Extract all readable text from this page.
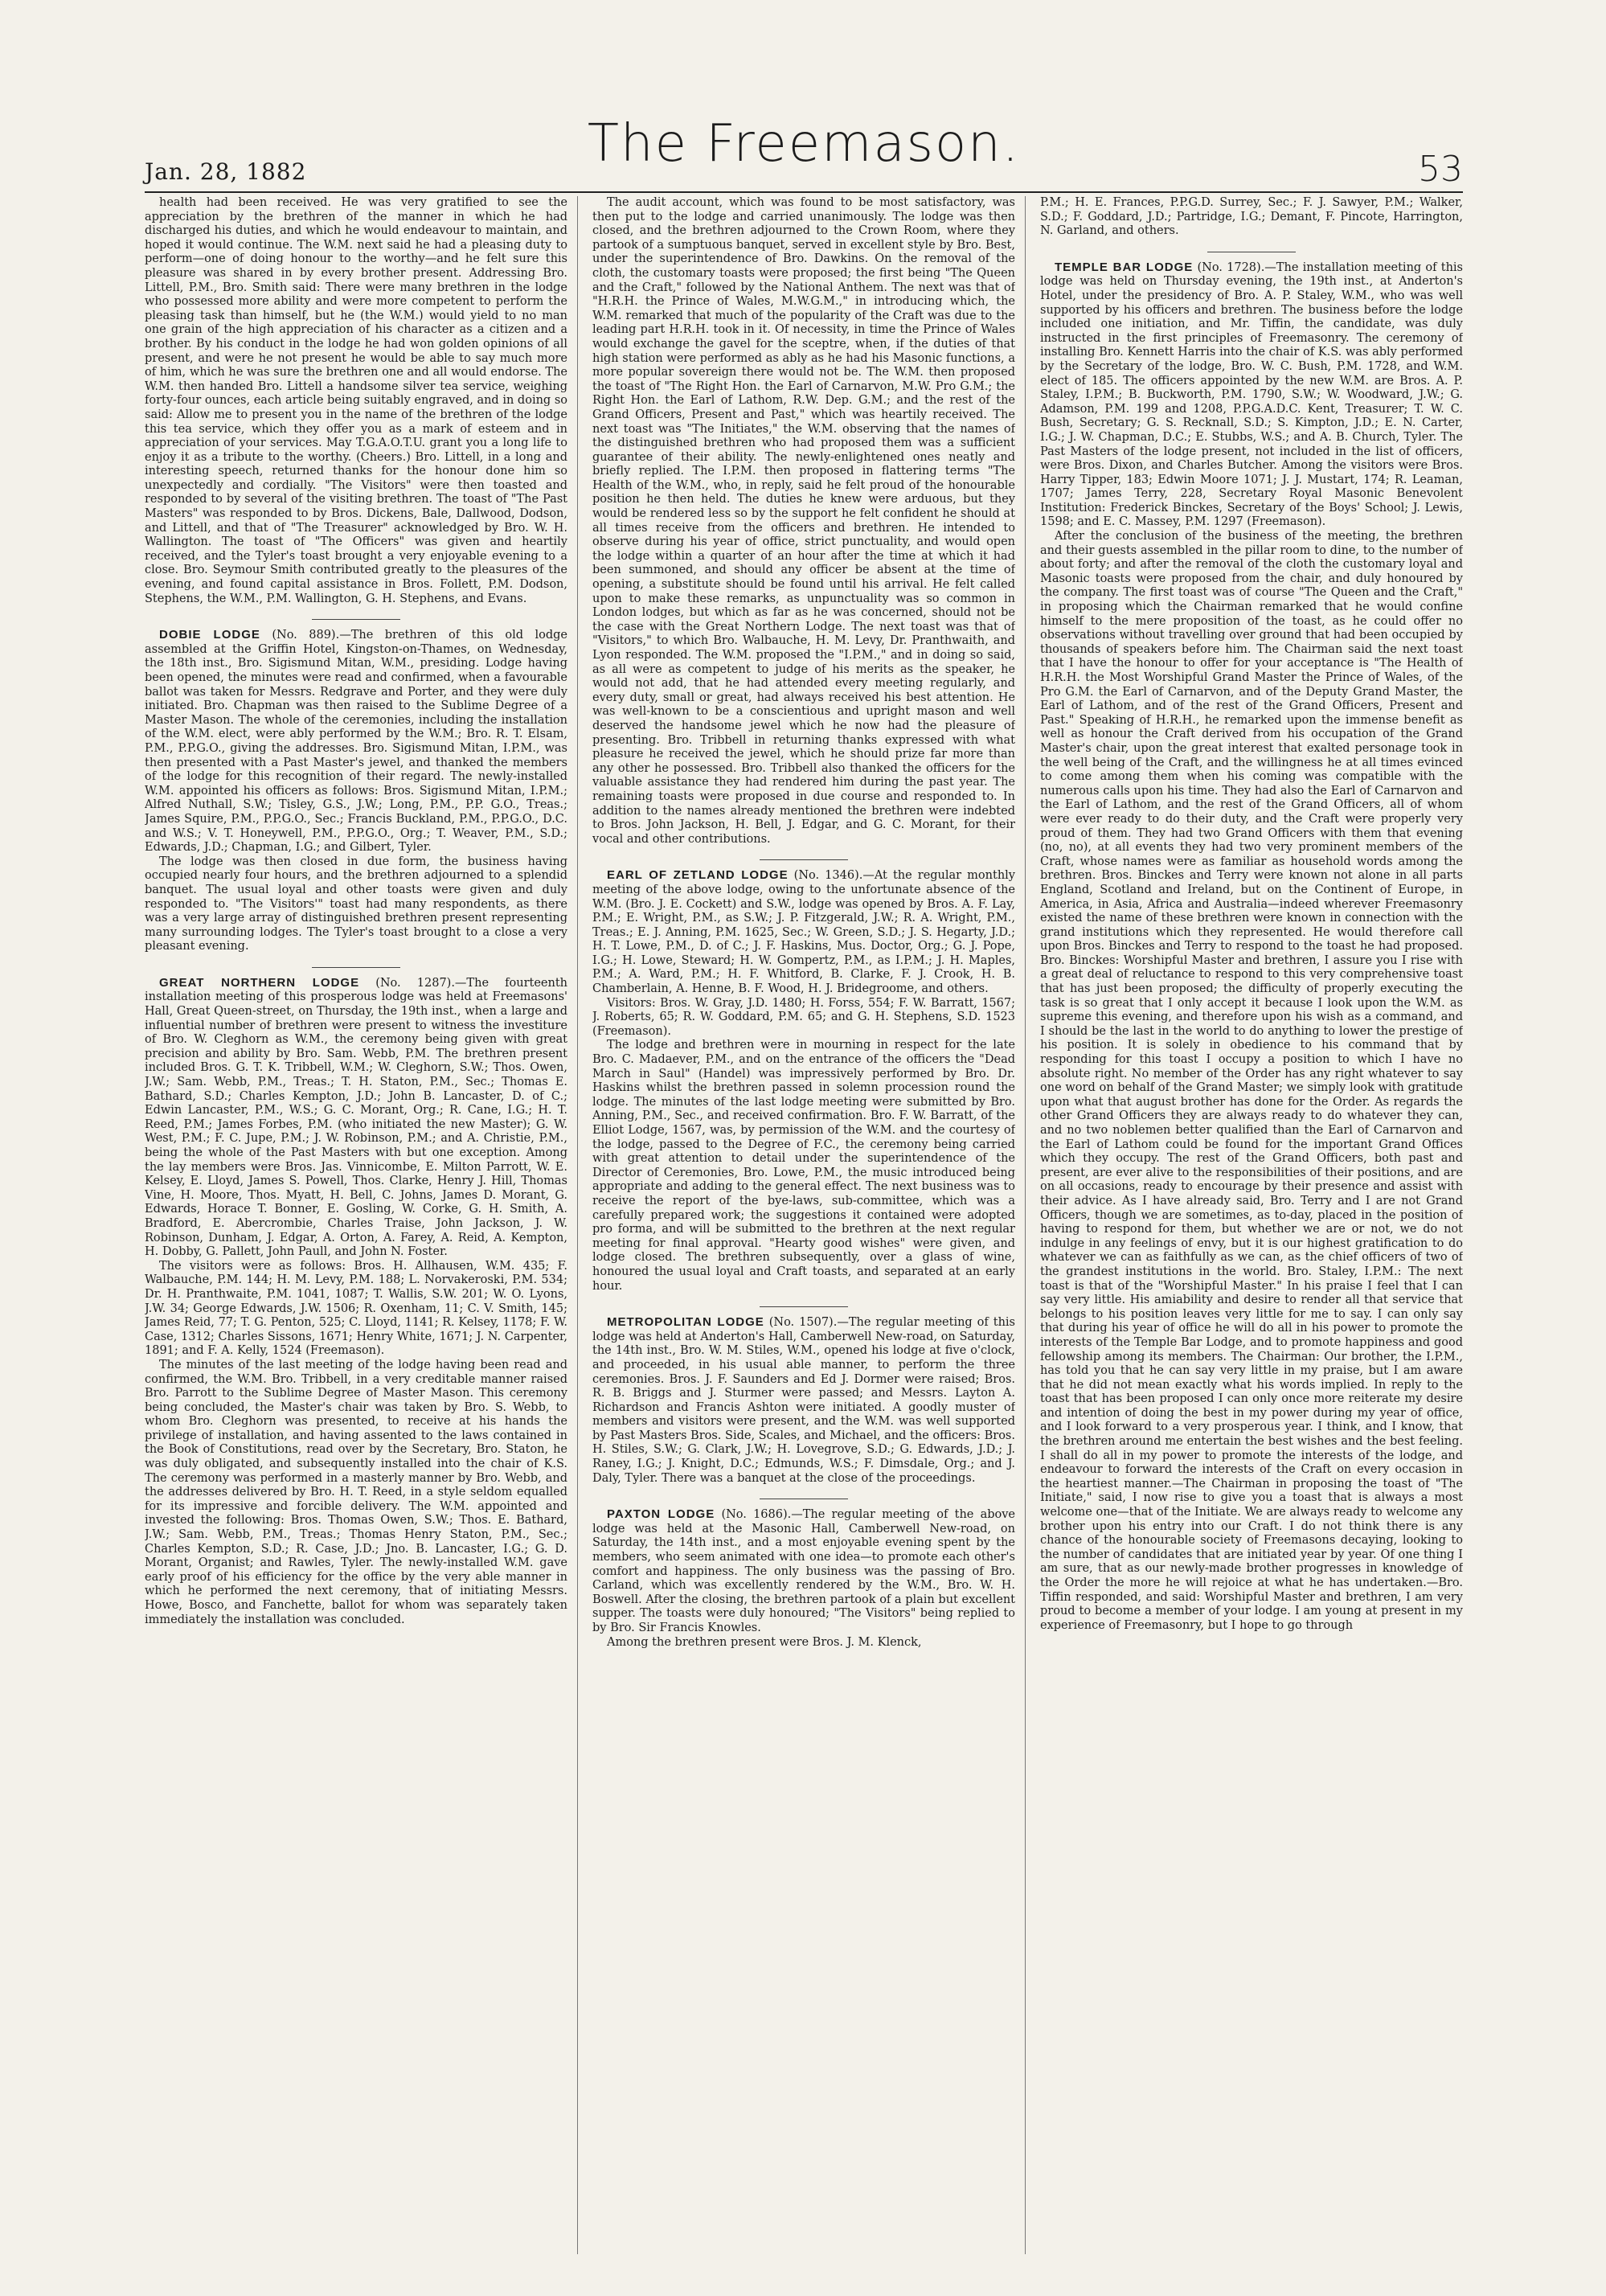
Jan. 28, 1882	The Freemason.	53

health had been received. He was very gratified to see the appreciation by the brethren of the manner in which he had discharged his duties, and which he would endeavour to maintain, and hoped it would continue. The W.M. next said he had a pleasing duty to perform—one of doing honour to the worthy—and he felt sure this pleasure was shared in by every brother present. Addressing Bro. Littell, P.M., Bro. Smith said: There were many brethren in the lodge who possessed more ability and were more competent to perform the pleasing task than himself, but he (the W.M.) would yield to no man one grain of the high appreciation of his character as a citizen and a brother. By his conduct in the lodge he had won golden opinions of all present, and were he not present he would be able to say much more of him, which he was sure the brethren one and all would endorse. The W.M. then handed Bro. Littell a handsome silver tea service, weighing forty-four ounces, each article being suitably engraved, and in doing so said: Allow me to present you in the name of the brethren of the lodge this tea service, which they offer you as a mark of esteem and in appreciation of your services. May T.G.A.O.T.U. grant you a long life to enjoy it as a tribute to the worthy. (Cheers.) Bro. Littell, in a long and interesting speech, returned thanks for the honour done him so unexpectedly and cordially. "The Visitors" were then toasted and responded to by several of the visiting brethren. The toast of "The Past Masters" was responded to by Bros. Dickens, Bale, Dallwood, Dodson, and Littell, and that of "The Treasurer" acknowledged by Bro. W. H. Wallington. The toast of "The Officers" was given and heartily received, and the Tyler's toast brought a very enjoyable evening to a close. Bro. Seymour Smith contributed greatly to the pleasures of the evening, and found capital assistance in Bros. Follett, P.M. Dodson, Stephens, the W.M., P.M. Wallington, G. H. Stephens, and Evans.

DOBIE LODGE (No. 889).—The brethren of this old lodge assembled at the Griffin Hotel, Kingston-on-Thames, on Wednesday, the 18th inst., Bro. Sigismund Mitan, W.M., presiding. Lodge having been opened, the minutes were read and confirmed, when a favourable ballot was taken for Messrs. Redgrave and Porter, and they were duly initiated. Bro. Chapman was then raised to the Sublime Degree of a Master Mason. The whole of the ceremonies, including the installation of the W.M. elect, were ably performed by the W.M.; Bro. R. T. Elsam, P.M., P.P.G.O., giving the addresses. Bro. Sigismund Mitan, I.P.M., was then presented with a Past Master's jewel, and thanked the members of the lodge for this recognition of their regard. The newly-installed W.M. appointed his officers as follows: Bros. Sigismund Mitan, I.P.M.; Alfred Nuthall, S.W.; Tisley, G.S., J.W.; Long, P.M., P.P. G.O., Treas.; James Squire, P.M., P.P.G.O., Sec.; Francis Buckland, P.M., P.P.G.O., D.C. and W.S.; V. T. Honeywell, P.M., P.P.G.O., Org.; T. Weaver, P.M., S.D.; Edwards, J.D.; Chapman, I.G.; and Gilbert, Tyler.

The lodge was then closed in due form, the business having occupied nearly four hours, and the brethren adjourned to a splendid banquet. The usual loyal and other toasts were given and duly responded to. "The Visitors'" toast had many respondents, as there was a very large array of distinguished brethren present representing many surrounding lodges. The Tyler's toast brought to a close a very pleasant evening.

GREAT NORTHERN LODGE (No. 1287).—The fourteenth installation meeting of this prosperous lodge was held at Freemasons' Hall, Great Queen-street, on Thursday, the 19th inst., when a large and influential number of brethren were present to witness the investiture of Bro. W. Cleghorn as W.M., the ceremony being given with great precision and ability by Bro. Sam. Webb, P.M. The brethren present included Bros. G. T. K. Tribbell, W.M.; W. Cleghorn, S.W.; Thos. Owen, J.W.; Sam. Webb, P.M., Treas.; T. H. Staton, P.M., Sec.; Thomas E. Bathard, S.D.; Charles Kempton, J.D.; John B. Lancaster, D. of C.; Edwin Lancaster, P.M., W.S.; G. C. Morant, Org.; R. Cane, I.G.; H. T. Reed, P.M.; James Forbes, P.M. (who initiated the new Master); G. W. West, P.M.; F. C. Jupe, P.M.; J. W. Robinson, P.M.; and A. Christie, P.M., being the whole of the Past Masters with but one exception. Among the lay members were Bros. Jas. Vinnicombe, E. Milton Parrott, W. E. Kelsey, E. Lloyd, James S. Powell, Thos. Clarke, Henry J. Hill, Thomas Vine, H. Moore, Thos. Myatt, H. Bell, C. Johns, James D. Morant, G. Edwards, Horace T. Bonner, E. Gosling, W. Corke, G. H. Smith, A. Bradford, E. Abercrombie, Charles Traise, John Jackson, J. W. Robinson, Dunham, J. Edgar, A. Orton, A. Farey, A. Reid, A. Kempton, H. Dobby, G. Pallett, John Paull, and John N. Foster.

The visitors were as follows: Bros. H. Allhausen, W.M. 435; F. Walbauche, P.M. 144; H. M. Levy, P.M. 188; L. Norvakeroski, P.M. 534; Dr. H. Pranthwaite, P.M. 1041, 1087; T. Wallis, S.W. 201; W. O. Lyons, J.W. 34; George Edwards, J.W. 1506; R. Oxenham, 11; C. V. Smith, 145; James Reid, 77; T. G. Penton, 525; C. Lloyd, 1141; R. Kelsey, 1178; F. W. Case, 1312; Charles Sissons, 1671; Henry White, 1671; J. N. Carpenter, 1891; and F. A. Kelly, 1524 (Freemason).

The minutes of the last meeting of the lodge having been read and confirmed, the W.M. Bro. Tribbell, in a very creditable manner raised Bro. Parrott to the Sublime Degree of Master Mason. This ceremony being concluded, the Master's chair was taken by Bro. S. Webb, to whom Bro. Cleghorn was presented, to receive at his hands the privilege of installation, and having assented to the laws contained in the Book of Constitutions, read over by the Secretary, Bro. Staton, he was duly obligated, and subsequently installed into the chair of K.S. The ceremony was performed in a masterly manner by Bro. Webb, and the addresses delivered by Bro. H. T. Reed, in a style seldom equalled for its impressive and forcible delivery. The W.M. appointed and invested the following: Bros. Thomas Owen, S.W.; Thos. E. Bathard, J.W.; Sam. Webb, P.M., Treas.; Thomas Henry Staton, P.M., Sec.; Charles Kempton, S.D.; R. Case, J.D.; Jno. B. Lancaster, I.G.; G. D. Morant, Organist; and Rawles, Tyler. The newly-installed W.M. gave early proof of his efficiency for the office by the very able manner in which he performed the next ceremony, that of initiating Messrs. Howe, Bosco, and Fanchette, ballot for whom was separately taken immediately the installation was concluded.

The audit account, which was found to be most satisfactory, was then put to the lodge and carried unanimously. The lodge was then closed, and the brethren adjourned to the Crown Room, where they partook of a sumptuous banquet, served in excellent style by Bro. Best, under the superintendence of Bro. Dawkins. On the removal of the cloth, the customary toasts were proposed; the first being "The Queen and the Craft," followed by the National Anthem. The next was that of "H.R.H. the Prince of Wales, M.W.G.M.," in introducing which, the W.M. remarked that much of the popularity of the Craft was due to the leading part H.R.H. took in it. Of necessity, in time the Prince of Wales would exchange the gavel for the sceptre, when, if the duties of that high station were performed as ably as he had his Masonic functions, a more popular sovereign there would not be. The W.M. then proposed the toast of "The Right Hon. the Earl of Carnarvon, M.W. Pro G.M.; the Right Hon. the Earl of Lathom, R.W. Dep. G.M.; and the rest of the Grand Officers, Present and Past," which was heartily received. The next toast was "The Initiates," the W.M. observing that the names of the distinguished brethren who had proposed them was a sufficient guarantee of their ability. The newly-enlightened ones neatly and briefly replied. The I.P.M. then proposed in flattering terms "The Health of the W.M., who, in reply, said he felt proud of the honourable position he then held. The duties he knew were arduous, but they would be rendered less so by the support he felt confident he should at all times receive from the officers and brethren. He intended to observe during his year of office, strict punctuality, and would open the lodge within a quarter of an hour after the time at which it had been summoned, and should any officer be absent at the time of opening, a substitute should be found until his arrival. He felt called upon to make these remarks, as unpunctuality was so common in London lodges, but which as far as he was concerned, should not be the case with the Great Northern Lodge. The next toast was that of "Visitors," to which Bro. Walbauche, H. M. Levy, Dr. Pranthwaith, and Lyon responded. The W.M. proposed the "I.P.M.," and in doing so said, as all were as competent to judge of his merits as the speaker, he would not add, that he had attended every meeting regularly, and every duty, small or great, had always received his best attention. He was well-known to be a conscientious and upright mason and well deserved the handsome jewel which he now had the pleasure of presenting. Bro. Tribbell in returning thanks expressed with what pleasure he received the jewel, which he should prize far more than any other he possessed. Bro. Tribbell also thanked the officers for the valuable assistance they had rendered him during the past year. The remaining toasts were proposed in due course and responded to. In addition to the names already mentioned the brethren were indebted to Bros. John Jackson, H. Bell, J. Edgar, and G. C. Morant, for their vocal and other contributions.

EARL OF ZETLAND LODGE (No. 1346).—At the regular monthly meeting of the above lodge, owing to the unfortunate absence of the W.M. (Bro. J. E. Cockett) and S.W., lodge was opened by Bros. A. F. Lay, P.M.; E. Wright, P.M., as S.W.; J. P. Fitzgerald, J.W.; R. A. Wright, P.M., Treas.; E. J. Anning, P.M. 1625, Sec.; W. Green, S.D.; J. S. Hegarty, J.D.; H. T. Lowe, P.M., D. of C.; J. F. Haskins, Mus. Doctor, Org.; G. J. Pope, I.G.; H. Lowe, Steward; H. W. Gompertz, P.M., as I.P.M.; J. H. Maples, P.M.; A. Ward, P.M.; H. F. Whitford, B. Clarke, F. J. Crook, H. B. Chamberlain, A. Henne, B. F. Wood, H. J. Bridegroome, and others.

Visitors: Bros. W. Gray, J.D. 1480; H. Forss, 554; F. W. Barratt, 1567; J. Roberts, 65; R. W. Goddard, P.M. 65; and G. H. Stephens, S.D. 1523 (Freemason).

The lodge and brethren were in mourning in respect for the late Bro. C. Madaever, P.M., and on the entrance of the officers the "Dead March in Saul" (Handel) was impressively performed by Bro. Dr. Haskins whilst the brethren passed in solemn procession round the lodge. The minutes of the last lodge meeting were submitted by Bro. Anning, P.M., Sec., and received confirmation. Bro. F. W. Barratt, of the Elliot Lodge, 1567, was, by permission of the W.M. and the courtesy of the lodge, passed to the Degree of F.C., the ceremony being carried with great attention to detail under the superintendence of the Director of Ceremonies, Bro. Lowe, P.M., the music introduced being appropriate and adding to the general effect. The next business was to receive the report of the bye-laws, sub-committee, which was a carefully prepared work; the suggestions it contained were adopted pro forma, and will be submitted to the brethren at the next regular meeting for final approval. "Hearty good wishes" were given, and lodge closed. The brethren subsequently, over a glass of wine, honoured the usual loyal and Craft toasts, and separated at an early hour.

METROPOLITAN LODGE (No. 1507).—The regular meeting of this lodge was held at Anderton's Hall, Camberwell New-road, on Saturday, the 14th inst., Bro. W. M. Stiles, W.M., opened his lodge at five o'clock, and proceeded, in his usual able manner, to perform the three ceremonies. Bros. J. F. Saunders and Ed J. Dormer were raised; Bros. R. B. Briggs and J. Sturmer were passed; and Messrs. Layton A. Richardson and Francis Ashton were initiated. A goodly muster of members and visitors were present, and the W.M. was well supported by Past Masters Bros. Side, Scales, and Michael, and the officers: Bros. H. Stiles, S.W.; G. Clark, J.W.; H. Lovegrove, S.D.; G. Edwards, J.D.; J. Raney, I.G.; J. Knight, D.C.; Edmunds, W.S.; F. Dimsdale, Org.; and J. Daly, Tyler. There was a banquet at the close of the proceedings.

PAXTON LODGE (No. 1686).—The regular meeting of the above lodge was held at the Masonic Hall, Camberwell New-road, on Saturday, the 14th inst., and a most enjoyable evening spent by the members, who seem animated with one idea—to promote each other's comfort and happiness. The only business was the passing of Bro. Carland, which was excellently rendered by the W.M., Bro. W. H. Boswell. After the closing, the brethren partook of a plain but excellent supper. The toasts were duly honoured; "The Visitors" being replied to by Bro. Sir Francis Knowles.

Among the brethren present were Bros. J. M. Klenck,

P.M.; H. E. Frances, P.P.G.D. Surrey, Sec.; F. J. Sawyer, P.M.; Walker, S.D.; F. Goddard, J.D.; Partridge, I.G.; Demant, F. Pincote, Harrington, N. Garland, and others.

TEMPLE BAR LODGE (No. 1728).—The installation meeting of this lodge was held on Thursday evening, the 19th inst., at Anderton's Hotel, under the presidency of Bro. A. P. Staley, W.M., who was well supported by his officers and brethren. The business before the lodge included one initiation, and Mr. Tiffin, the candidate, was duly instructed in the first principles of Freemasonry. The ceremony of installing Bro. Kennett Harris into the chair of K.S. was ably performed by the Secretary of the lodge, Bro. W. C. Bush, P.M. 1728, and W.M. elect of 185. The officers appointed by the new W.M. are Bros. A. P. Staley, I.P.M.; B. Buckworth, P.M. 1790, S.W.; W. Woodward, J.W.; G. Adamson, P.M. 199 and 1208, P.P.G.A.D.C. Kent, Treasurer; T. W. C. Bush, Secretary; G. S. Recknall, S.D.; S. Kimpton, J.D.; E. N. Carter, I.G.; J. W. Chapman, D.C.; E. Stubbs, W.S.; and A. B. Church, Tyler. The Past Masters of the lodge present, not included in the list of officers, were Bros. Dixon, and Charles Butcher. Among the visitors were Bros. Harry Tipper, 183; Edwin Moore 1071; J. J. Mustart, 174; R. Leaman, 1707; James Terry, 228, Secretary Royal Masonic Benevolent Institution: Frederick Binckes, Secretary of the Boys' School; J. Lewis, 1598; and E. C. Massey, P.M. 1297 (Freemason).

After the conclusion of the business of the meeting, the brethren and their guests assembled in the pillar room to dine, to the number of about forty; and after the removal of the cloth the customary loyal and Masonic toasts were proposed from the chair, and duly honoured by the company. The first toast was of course "The Queen and the Craft," in proposing which the Chairman remarked that he would confine himself to the mere proposition of the toast, as he could offer no observations without travelling over ground that had been occupied by thousands of speakers before him. The Chairman said the next toast that I have the honour to offer for your acceptance is "The Health of H.R.H. the Most Worshipful Grand Master the Prince of Wales, of the Pro G.M. the Earl of Carnarvon, and of the Deputy Grand Master, the Earl of Lathom, and of the rest of the Grand Officers, Present and Past." Speaking of H.R.H., he remarked upon the immense benefit as well as honour the Craft derived from his occupation of the Grand Master's chair, upon the great interest that exalted personage took in the well being of the Craft, and the willingness he at all times evinced to come among them when his coming was compatible with the numerous calls upon his time. They had also the Earl of Carnarvon and the Earl of Lathom, and the rest of the Grand Officers, all of whom were ever ready to do their duty, and the Craft were properly very proud of them. They had two Grand Officers with them that evening (no, no), at all events they had two very prominent members of the Craft, whose names were as familiar as household words among the brethren. Bros. Binckes and Terry were known not alone in all parts England, Scotland and Ireland, but on the Continent of Europe, in America, in Asia, Africa and Australia—indeed wherever Freemasonry existed the name of these brethren were known in connection with the grand institutions which they represented. He would therefore call upon Bros. Binckes and Terry to respond to the toast he had proposed. Bro. Binckes: Worshipful Master and brethren, I assure you I rise with a great deal of reluctance to respond to this very comprehensive toast that has just been proposed; the difficulty of properly executing the task is so great that I only accept it because I look upon the W.M. as supreme this evening, and therefore upon his wish as a command, and I should be the last in the world to do anything to lower the prestige of his position. It is solely in obedience to his command that by responding for this toast I occupy a position to which I have no absolute right. No member of the Order has any right whatever to say one word on behalf of the Grand Master; we simply look with gratitude upon what that august brother has done for the Order. As regards the other Grand Officers they are always ready to do whatever they can, and no two noblemen better qualified than the Earl of Carnarvon and the Earl of Lathom could be found for the important Grand Offices which they occupy. The rest of the Grand Officers, both past and present, are ever alive to the responsibilities of their positions, and are on all occasions, ready to encourage by their presence and assist with their advice. As I have already said, Bro. Terry and I are not Grand Officers, though we are sometimes, as to-day, placed in the position of having to respond for them, but whether we are or not, we do not indulge in any feelings of envy, but it is our highest gratification to do whatever we can as faithfully as we can, as the chief officers of two of the grandest institutions in the world. Bro. Staley, I.P.M.: The next toast is that of the "Worshipful Master." In his praise I feel that I can say very little. His amiability and desire to render all that service that belongs to his position leaves very little for me to say. I can only say that during his year of office he will do all in his power to promote the interests of the Temple Bar Lodge, and to promote happiness and good fellowship among its members. The Chairman: Our brother, the I.P.M., has told you that he can say very little in my praise, but I am aware that he did not mean exactly what his words implied. In reply to the toast that has been proposed I can only once more reiterate my desire and intention of doing the best in my power during my year of office, and I look forward to a very prosperous year. I think, and I know, that the brethren around me entertain the best wishes and the best feeling. I shall do all in my power to promote the interests of the lodge, and endeavour to forward the interests of the Craft on every occasion in the heartiest manner.—The Chairman in proposing the toast of "The Initiate," said, I now rise to give you a toast that is always a most welcome one—that of the Initiate. We are always ready to welcome any brother upon his entry into our Craft. I do not think there is any chance of the honourable society of Freemasons decaying, looking to the number of candidates that are initiated year by year. Of one thing I am sure, that as our newly-made brother progresses in knowledge of the Order the more he will rejoice at what he has undertaken.—Bro. Tiffin responded, and said: Worshipful Master and brethren, I am very proud to become a member of your lodge. I am young at present in my experience of Freemasonry, but I hope to go through
